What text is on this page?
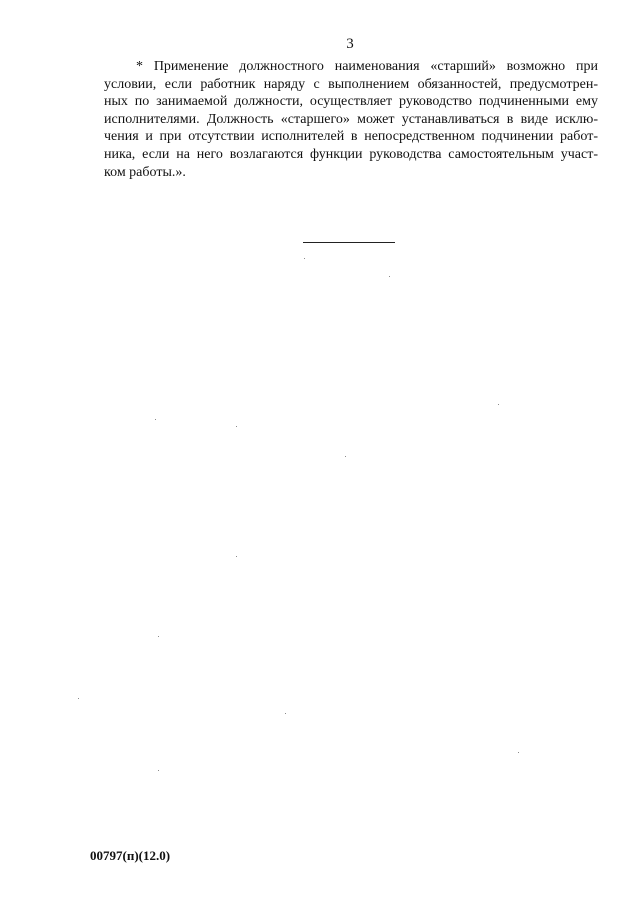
3
* Применение должностного наименования «старший» возможно при
условии, если работник наряду с выполнением обязанностей, предусмотрен-
ных по занимаемой должности, осуществляет руководство подчиненными ему
исполнителями. Должность «старшего» может устанавливаться в виде исклю-
чения и при отсутствии исполнителей в непосредственном подчинении работ-
ника, если на него возлагаются функции руководства самостоятельным участ-
ком работы.».
00797(п)(12.0)
